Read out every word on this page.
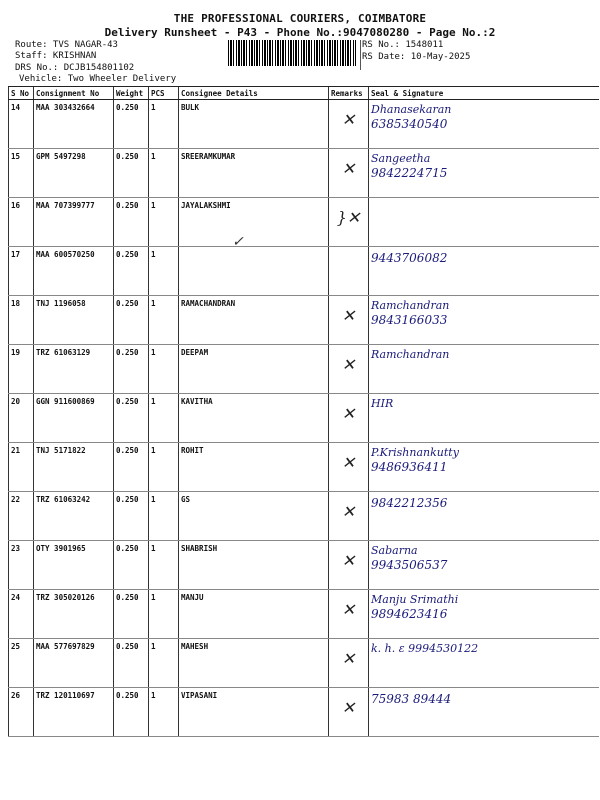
THE PROFESSIONAL COURIERS, COIMBATORE
Delivery Runsheet - P43 - Phone No.:9047080280 - Page No.:2
Route: TVS NAGAR-43
Staff: KRISHNAN
DRS No.: DCJB154801102
Vehicle: Two Wheeler Delivery
RS No.: 1548011
RS Date: 10-May-2025
S No	Consignment No	Weight	PCS	Consignee Details	Remarks	Seal & Signature
14	MAA 303432664	0.250	1	BULK	✕	Dhanasekaran
6385340540

15	GPM 5497298	0.250	1	SREERAMKUMAR	✕	Sangeetha
9842224715

16	MAA 707399777	0.250	1	JAYALAKSHMI	}✕	

17	MAA 600570250	0.250	1			9443706082

18	TNJ 1196058	0.250	1	RAMACHANDRAN	✕	Ramchandran
9843166033

19	TRZ 61063129	0.250	1	DEEPAM	✕	Ramchandran

20	GGN 911600869	0.250	1	KAVITHA	✕	HIR

21	TNJ 5171822	0.250	1	ROHIT	✕	P.Krishnankutty
9486936411

22	TRZ 61063242	0.250	1	GS	✕	9842212356

23	OTY 3901965	0.250	1	SHABRISH	✕	Sabarna
9943506537

24	TRZ 305020126	0.250	1	MANJU	✕	Manju Srimathi
9894623416

25	MAA 577697829	0.250	1	MAHESH	✕	k. h. ε 9994530122

26	TRZ 120110697	0.250	1	VIPASANI	✕	75983 89444
✓
